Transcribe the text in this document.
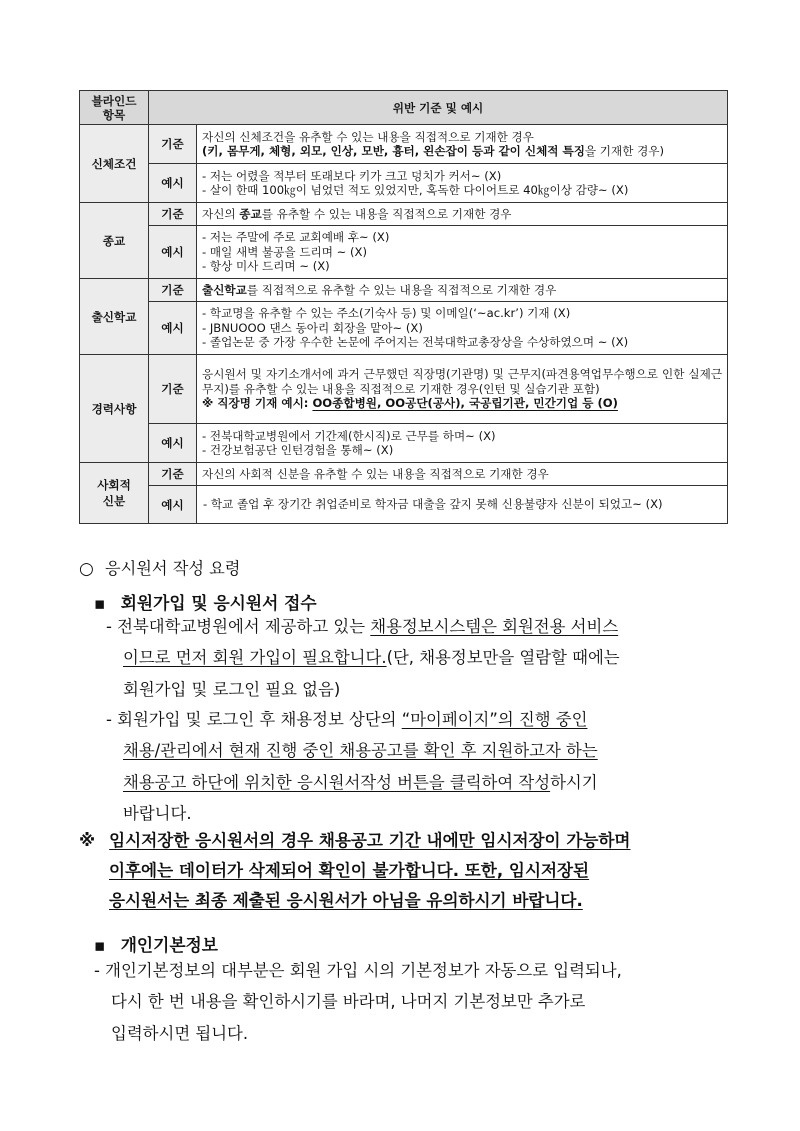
블라인드
항목	위반 기준 및 예시	
신체조건	기준	자신의 신체조건을 유추할 수 있는 내용을 직접적으로 기재한 경우
(키, 몸무게, 체형, 외모, 인상, 모반, 흉터, 왼손잡이 등과 같이 신체적 특징을 기재한 경우)

	예시	- 저는 어렸을 적부터 또래보다 키가 크고 덩치가 커서~ (X)
- 살이 한때 100㎏이 넘었던 적도 있었지만, 혹독한 다이어트로 40㎏이상 감량~ (X)

종교	기준	자신의 종교를 유추할 수 있는 내용을 직접적으로 기재한 경우

	예시	- 저는 주말에 주로 교회예배 후~ (X)
- 매일 새벽 불공을 드리며 ~ (X)
- 항상 미사 드리며 ~ (X)

출신학교	기준	출신학교를 직접적으로 유추할 수 있는 내용을 직접적으로 기재한 경우

	예시	- 학교명을 유추할 수 있는 주소(기숙사 등) 및 이메일(‘~ac.kr’) 기재 (X)
- JBNUOOO 댄스 동아리 회장을 맡아~ (X)
- 졸업논문 중 가장 우수한 논문에 주어지는 전북대학교총장상을 수상하였으며 ~ (X)

경력사항	기준	응시원서 및 자기소개서에 과거 근무했던 직장명(기관명) 및 근무지(파견용역업무수행으로 인한 실제근무지)를 유추할 수 있는 내용을 직접적으로 기재한 경우(인턴 및 실습기관 포함)
※ 직장명 기재 예시: OO종합병원, OO공단(공사), 국공립기관, 민간기업 등 (O)

	예시	- 전북대학교병원에서 기간제(한시직)로 근무를 하며~ (X)
- 건강보험공단 인턴경험을 통해~ (X)

사회적
신분	기준	자신의 사회적 신분을 유추할 수 있는 내용을 직접적으로 기재한 경우
	예시	- 학교 졸업 후 장기간 취업준비로 학자금 대출을 갚지 못해 신용불량자 신분이 되었고~ (X)
○ 응시원서 작성 요령
▪ 회원가입 및 응시원서 접수
- 전북대학교병원에서 제공하고 있는 채용정보시스템은 회원전용 서비스
이므로 먼저 회원 가입이 필요합니다.(단, 채용정보만을 열람할 때에는
회원가입 및 로그인 필요 없음)
- 회원가입 및 로그인 후 채용정보 상단의 “마이페이지”의 진행 중인
채용/관리에서 현재 진행 중인 채용공고를 확인 후 지원하고자 하는
채용공고 하단에 위치한 응시원서작성 버튼을 클릭하여 작성하시기
바랍니다.
※ 임시저장한 응시원서의 경우 채용공고 기간 내에만 임시저장이 가능하며
이후에는 데이터가 삭제되어 확인이 불가합니다. 또한, 임시저장된
응시원서는 최종 제출된 응시원서가 아님을 유의하시기 바랍니다.
▪ 개인기본정보
- 개인기본정보의 대부분은 회원 가입 시의 기본정보가 자동으로 입력되나,
다시 한 번 내용을 확인하시기를 바라며, 나머지 기본정보만 추가로
입력하시면 됩니다.
